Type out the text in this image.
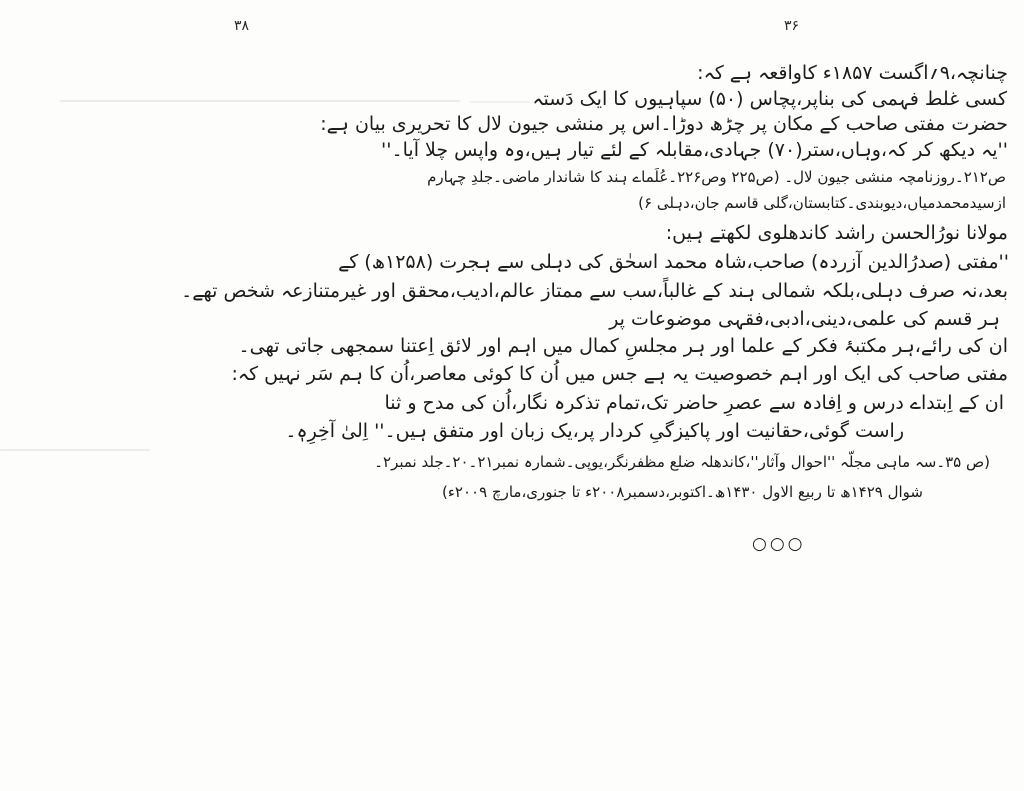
۳۸	۳۶
چنانچہ،۹؍اگست ۱۸۵۷ء کاواقعہ ہے کہ:
کسی غلط فہمی کی بناپر،پچاس (۵۰) سپاہیوں کا ایک دَستہ
حضرت مفتی صاحب کے مکان پر چڑھ دوڑا۔اس پر منشی جیون لال کا تحریری بیان ہے:
''یہ دیکھ کر کہ،وہاں،ستر(۷۰) جہادی،مقابلہ کے لئے تیار ہیں،وہ واپس چلا آیا۔''
ص۲۱۲۔روزنامچہ منشی جیون لال۔ (ص۲۲۵ وص۲۲۶۔عُلَماے ہند کا شاندار ماضی۔جلدِ چہارم
ازسیدمحمدمیاں،دیوبندی۔کتابستان،گلی قاسم جان،دہلی ۶)
مولانا نورُالحسن راشد کاندھلوی لکھتے ہیں:
''مفتی (صدرُالدین آزردہ) صاحب،شاہ محمد اسحٰق کی دہلی سے ہجرت (۱۲۵۸ھ) کے
بعد،نہ صرف دہلی،بلکہ شمالی ہند کے غالباً،سب سے ممتاز عالم،ادیب،محقق اور غیرمتنازعہ شخص تھے۔
ہر قسم کی علمی،دینی،ادبی،فقہی موضوعات پر
ان کی رائے،ہر مکتبۂ فکر کے علما اور ہر مجلسِ کمال میں اہم اور لائق اِعتنا سمجھی جاتی تھی۔
مفتی صاحب کی ایک اور اہم خصوصیت یہ ہے جس میں اُن کا کوئی معاصر،اُن کا ہم سَر نہیں کہ:
ان کے اِبتداے درس و اِفادہ سے عصرِ حاضر تک،تمام تذکرہ نگار،اُن کی مدح و ثنا
راست گوئی،حقانیت اور پاکیزگیِ کردار پر،یک زبان اور متفق ہیں۔'' اِلیٰ آخِرِہٖ۔
(ص ۳۵۔سہ ماہی مجلّہ ''احوال وآثار''،کاندھلہ ضلع مظفرنگر،یوپی۔شمارہ نمبر۲۱۔۲۰۔جلد نمبر۲۔
شوال ۱۴۲۹ھ تا ربیع الاول ۱۴۳۰ھ۔اکتوبر،دسمبر۲۰۰۸ء تا جنوری،مارچ ۲۰۰۹ء)
○○○
